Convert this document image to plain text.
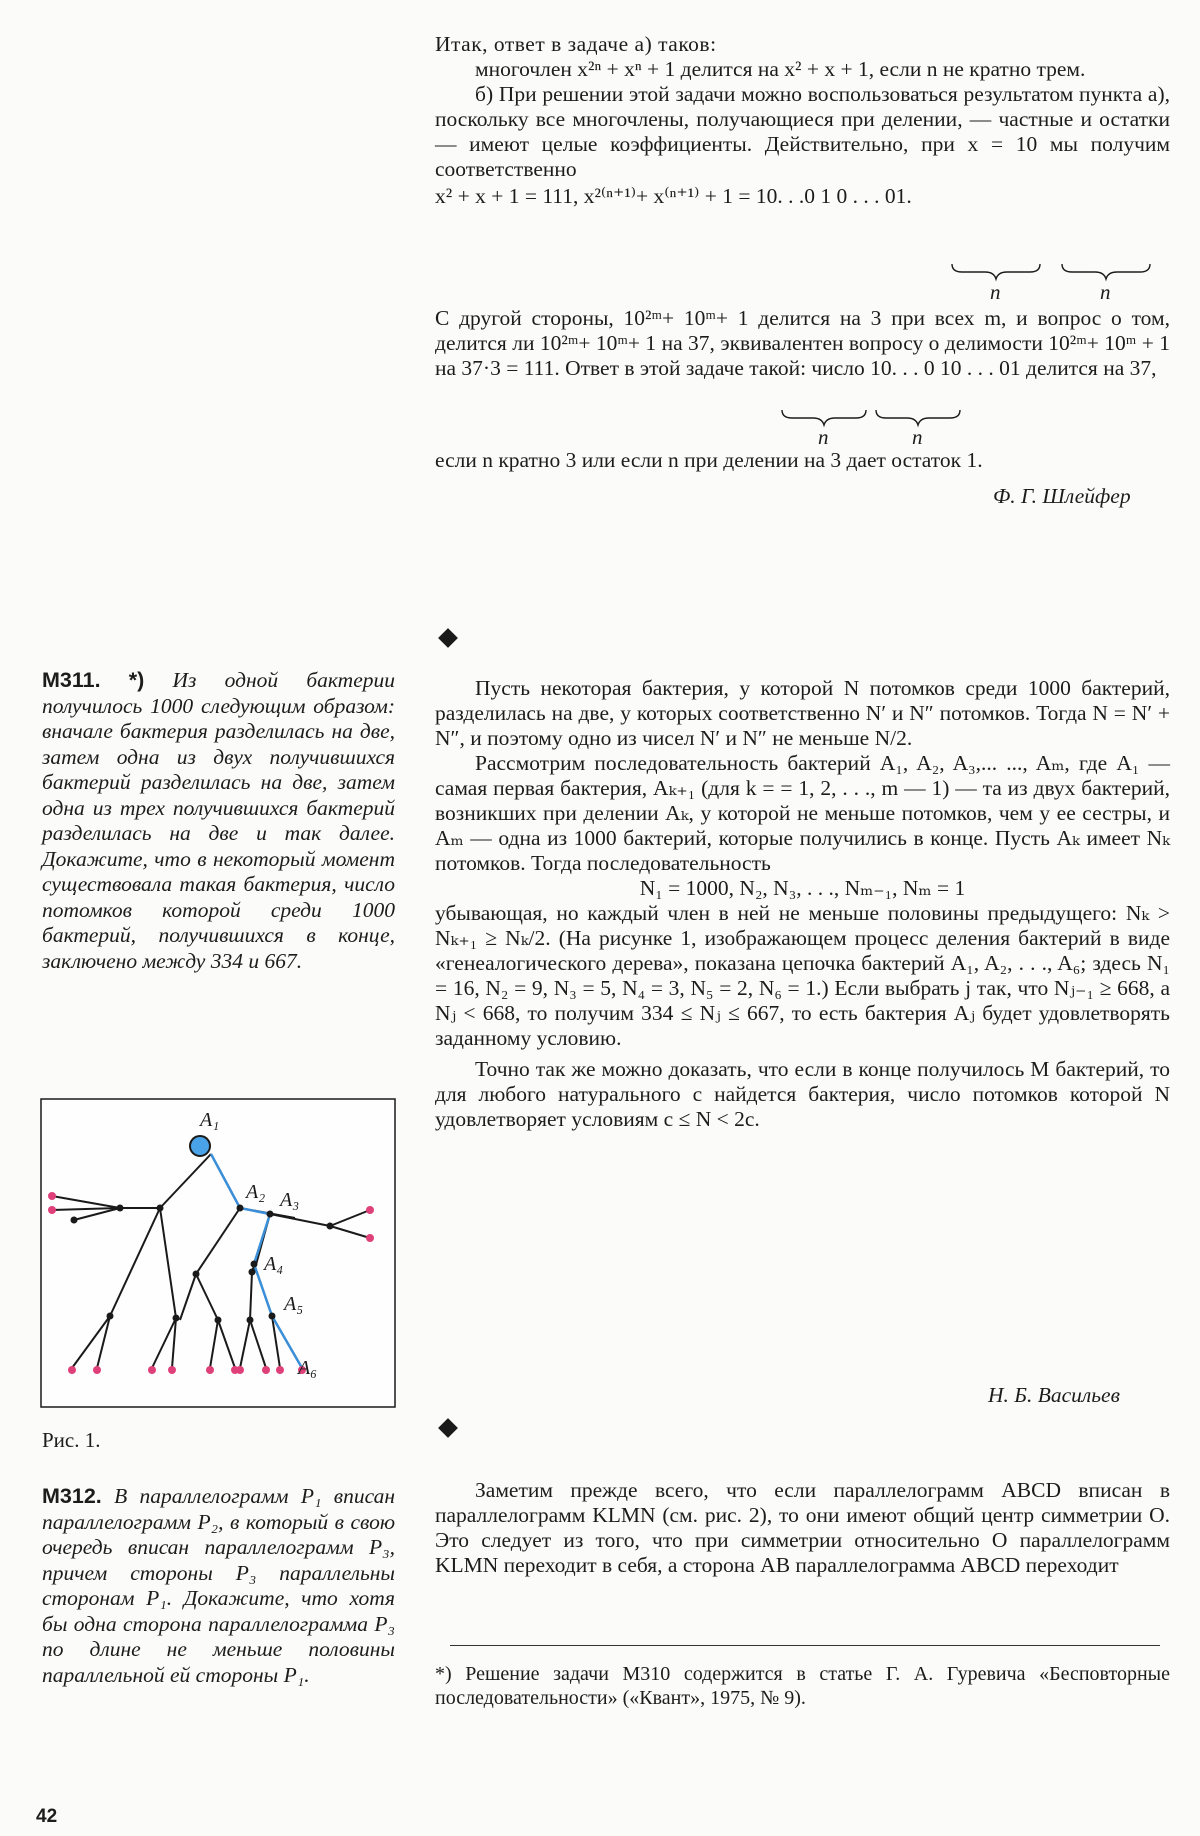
Итак, ответ в задаче а) таков:

многочлен x²ⁿ + xⁿ + 1 делится на x² + x + 1, если n не кратно трем.

б) При решении этой задачи можно воспользоваться результатом пункта а), поскольку все многочлены, получающиеся при делении, — частные и остатки — имеют целые коэффициенты. Действительно, при x = 10 мы получим соответственно

x² + x + 1 = 111, x²⁽ⁿ⁺¹⁾+ x⁽ⁿ⁺¹⁾ + 1 = 10. . .0 1 0 . . . 01.

n	n

С другой стороны, 10²ᵐ+ 10ᵐ+ 1 делится на 3 при всех m, и вопрос о том, делится ли 10²ᵐ+ 10ᵐ+ 1 на 37, эквивалентен вопросу о делимости 10²ᵐ+ 10ᵐ + 1 на 37·3 = 111. Ответ в этой задаче такой: число 10. . . 0 10 . . . 01 делится на 37,

n	n

если n кратно 3 или если n при делении на 3 дает остаток 1.

Ф. Г. Шлейфер
М311. *) Из одной бактерии получилось 1000 следующим образом: вначале бактерия разделилась на две, затем одна из двух получившихся бактерий разделилась на две, затем одна из трех получившихся бактерий разделилась на две и так далее. Докажите, что в некоторый момент существовала такая бактерия, число потомков которой среди 1000 бактерий, получившихся в конце, заключено между 334 и 667.

Пусть некоторая бактерия, у которой N потомков среди 1000 бактерий, разделилась на две, у которых соответственно N′ и N″ потомков. Тогда N = N′ + N″, и поэтому одно из чисел N′ и N″ не меньше N/2.

Рассмотрим последовательность бактерий A₁, A₂, A₃,... ..., Aₘ, где A₁ — самая первая бактерия, Aₖ₊₁ (для k = = 1, 2, . . ., m — 1) — та из двух бактерий, возникших при делении Aₖ, у которой не меньше потомков, чем у ее сестры, и Aₘ — одна из 1000 бактерий, которые получились в конце. Пусть Aₖ имеет Nₖ потомков. Тогда последовательность

N₁ = 1000, N₂, N₃, . . ., Nₘ₋₁, Nₘ = 1

убывающая, но каждый член в ней не меньше половины предыдущего: Nₖ > Nₖ₊₁ ≥ Nₖ/2. (На рисунке 1, изображающем процесс деления бактерий в виде «генеалогического дерева», показана цепочка бактерий A₁, A₂, . . ., A₆; здесь N₁ = 16, N₂ = 9, N₃ = 5, N₄ = 3, N₅ = 2, N₆ = 1.) Если выбрать j так, что Nⱼ₋₁ ≥ 668, а Nⱼ < 668, то получим 334 ≤ Nⱼ ≤ 667, то есть бактерия Aⱼ будет удовлетворять заданному условию.

Точно так же можно доказать, что если в конце получилось M бактерий, то для любого натурального c найдется бактерия, число потомков которой N удовлетворяет условиям c ≤ N < 2c.

Н. Б. Васильев
A₁
A₂ A₃
A₄
A₅
A₆
Рис. 1.
М312. В параллелограмм P₁ вписан параллелограмм P₂, в который в свою очередь вписан параллелограмм P₃, причем стороны P₃ параллельны сторонам P₁. Докажите, что хотя бы одна сторона параллелограмма P₃ по длине не меньше половины параллельной ей стороны P₁.

Заметим прежде всего, что если параллелограмм ABCD вписан в параллелограмм KLMN (см. рис. 2), то они имеют общий центр симметрии O. Это следует из того, что при симметрии относительно O параллелограмм KLMN переходит в себя, а сторона AB параллелограмма ABCD переходит

*) Решение задачи М310 содержится в статье Г. А. Гуревича «Бесповторные последовательности» («Квант», 1975, № 9).
42
